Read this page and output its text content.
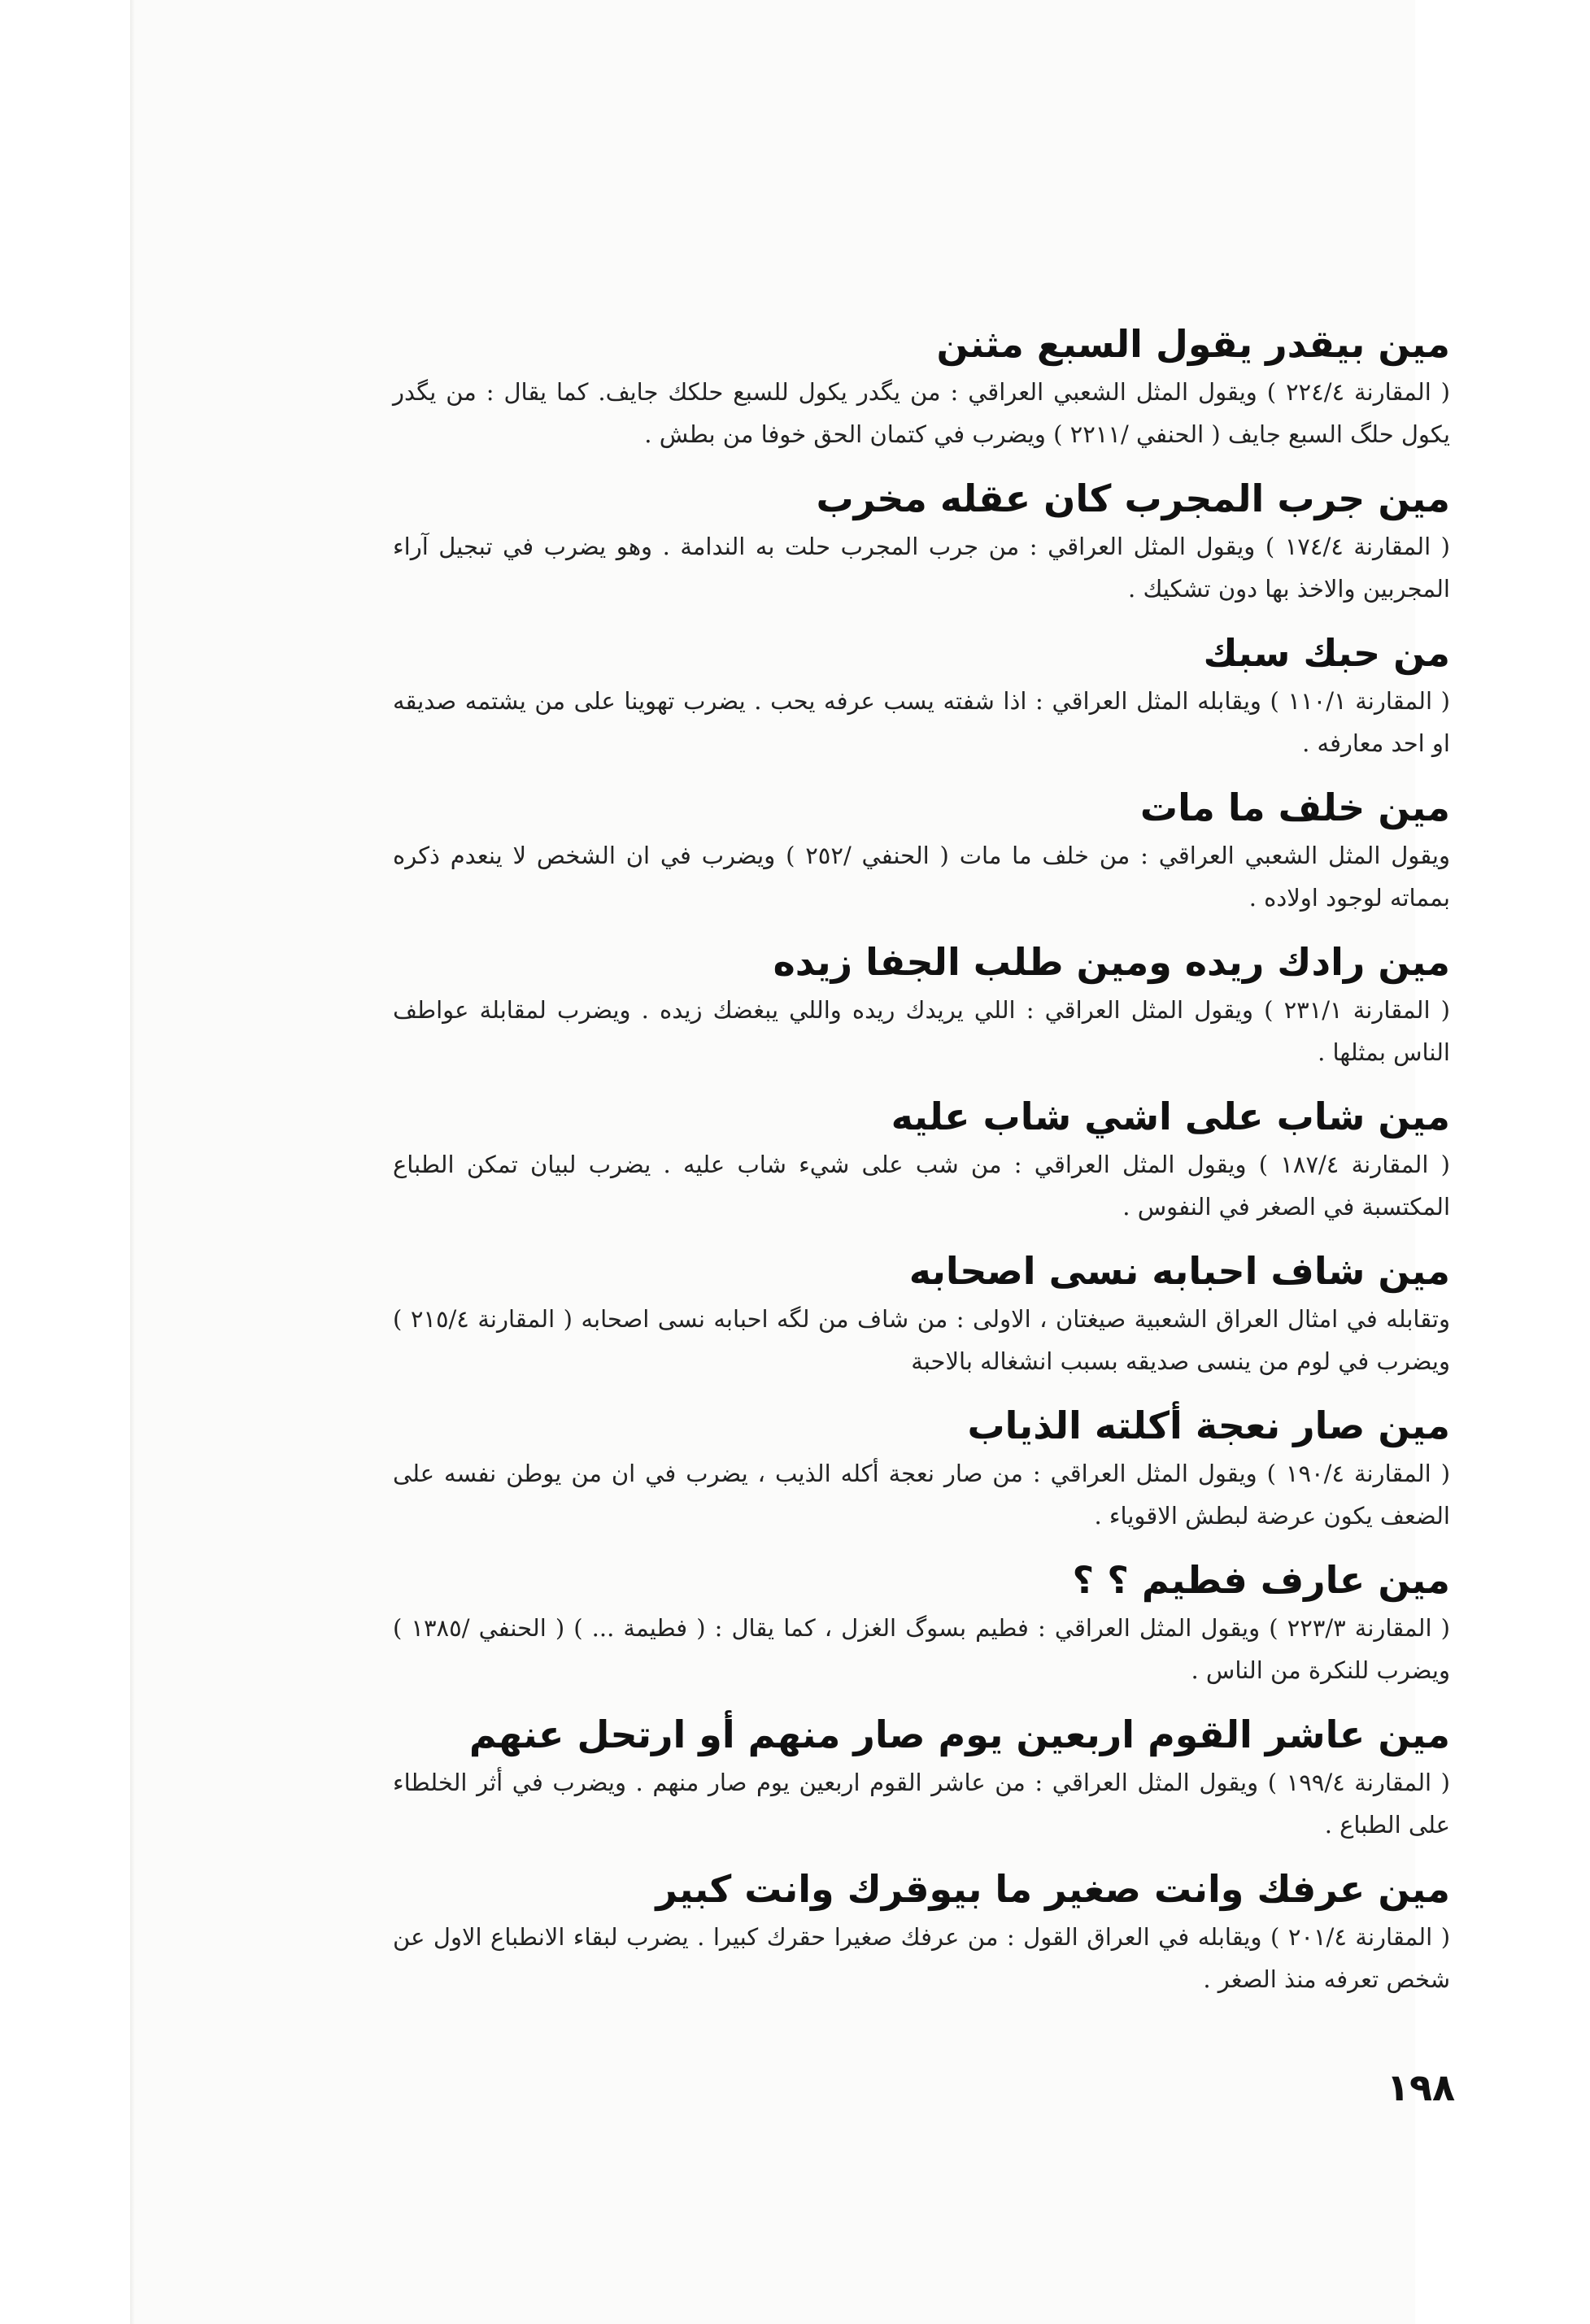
مين بيقدر يقول السبع مثنن

( المقارنة ٢٢٤/٤ ) ويقول المثل الشعبي العراقي : من يگدر يكول للسبع حلكك جايف. كما يقال : من يگدر يكول حلگ السبع جايف ( الحنفي /٢٢١١ ) ويضرب في كتمان الحق خوفا من بطش .

مين جرب المجرب كان عقله مخرب

( المقارنة ١٧٤/٤ ) ويقول المثل العراقي : من جرب المجرب حلت به الندامة . وهو يضرب في تبجيل آراء المجربين والاخذ بها دون تشكيك .

من حبك سبك

( المقارنة ١١٠/١ ) ويقابله المثل العراقي : اذا شفته يسب عرفه يحب . يضرب تهوينا على من يشتمه صديقه او احد معارفه .

مين خلف ما مات

ويقول المثل الشعبي العراقي : من خلف ما مات ( الحنفي /٢٥٢ ) ويضرب في ان الشخص لا ينعدم ذكره بمماته لوجود اولاده .

مين رادك ريده ومين طلب الجفا زيده

( المقارنة ٢٣١/١ ) ويقول المثل العراقي : اللي يريدك ريده واللي يبغضك زيده . ويضرب لمقابلة عواطف الناس بمثلها .

مين شاب على اشي شاب عليه

( المقارنة ١٨٧/٤ ) ويقول المثل العراقي : من شب على شيء شاب عليه . يضرب لبيان تمكن الطباع المكتسبة في الصغر في النفوس .

مين شاف احبابه نسى اصحابه

وتقابله في امثال العراق الشعبية صيغتان ، الاولى : من شاف من لگه احبابه نسى اصحابه ( المقارنة ٢١٥/٤ ) ويضرب في لوم من ينسى صديقه بسبب انشغاله بالاحبة

مين صار نعجة أكلته الذياب

( المقارنة ١٩٠/٤ ) ويقول المثل العراقي : من صار نعجة أكله الذيب ، يضرب في ان من يوطن نفسه على الضعف يكون عرضة لبطش الاقوياء .

مين عارف فطيم ؟ ؟

( المقارنة ٢٢٣/٣ ) ويقول المثل العراقي : فطيم بسوگ الغزل ، كما يقال : ( فطيمة ... ) ( الحنفي /١٣٨٥ ) ويضرب للنكرة من الناس .

مين عاشر القوم اربعين يوم صار منهم أو ارتحل عنهم

( المقارنة ١٩٩/٤ ) ويقول المثل العراقي : من عاشر القوم اربعين يوم صار منهم . ويضرب في أثر الخلطاء على الطباع .

مين عرفك وانت صغير ما بيوقرك وانت كبير

( المقارنة ٢٠١/٤ ) ويقابله في العراق القول : من عرفك صغيرا حقرك كبيرا . يضرب لبقاء الانطباع الاول عن شخص تعرفه منذ الصغر .

١٩٨
